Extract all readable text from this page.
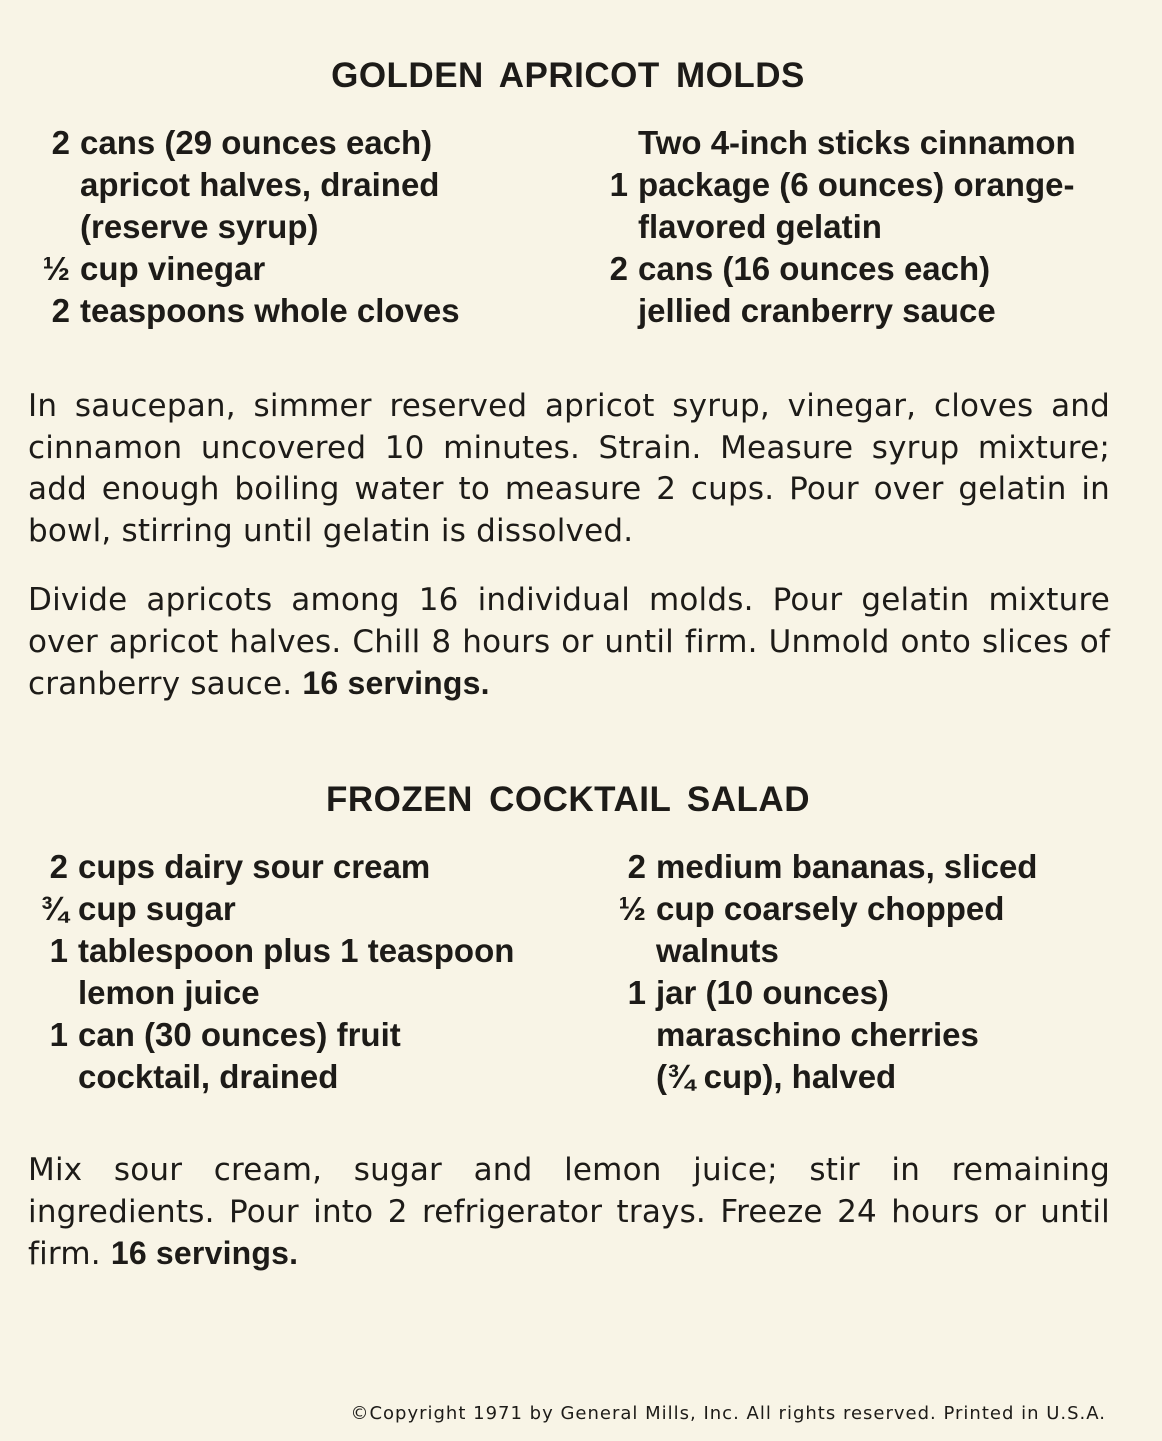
GOLDEN APRICOT MOLDS
2 cans (29 ounces each)
apricot halves, drained
(reserve syrup)
½ cup vinegar
2 teaspoons whole cloves
Two 4-inch sticks cinnamon
1 package (6 ounces) orange-
flavored gelatin
2 cans (16 ounces each)
jellied cranberry sauce

In saucepan, simmer reserved apricot syrup, vinegar, cloves and cinnamon uncovered 10 minutes. Strain. Measure syrup mixture; add enough boiling water to measure 2 cups. Pour over gelatin in bowl, stirring until gelatin is dissolved.

Divide apricots among 16 individual molds. Pour gelatin mixture over apricot halves. Chill 8 hours or until firm. Unmold onto slices of cranberry sauce. 16 servings.

FROZEN COCKTAIL SALAD
2 cups dairy sour cream
¾ cup sugar
1 tablespoon plus 1 teaspoon
lemon juice
1 can (30 ounces) fruit
cocktail, drained
2 medium bananas, sliced
½ cup coarsely chopped
walnuts
1 jar (10 ounces)
maraschino cherries
(¾ cup), halved

Mix sour cream, sugar and lemon juice; stir in remaining ingredients. Pour into 2 refrigerator trays. Freeze 24 hours or until firm. 16 servings.

©Copyright 1971 by General Mills, Inc. All rights reserved. Printed in U.S.A.
